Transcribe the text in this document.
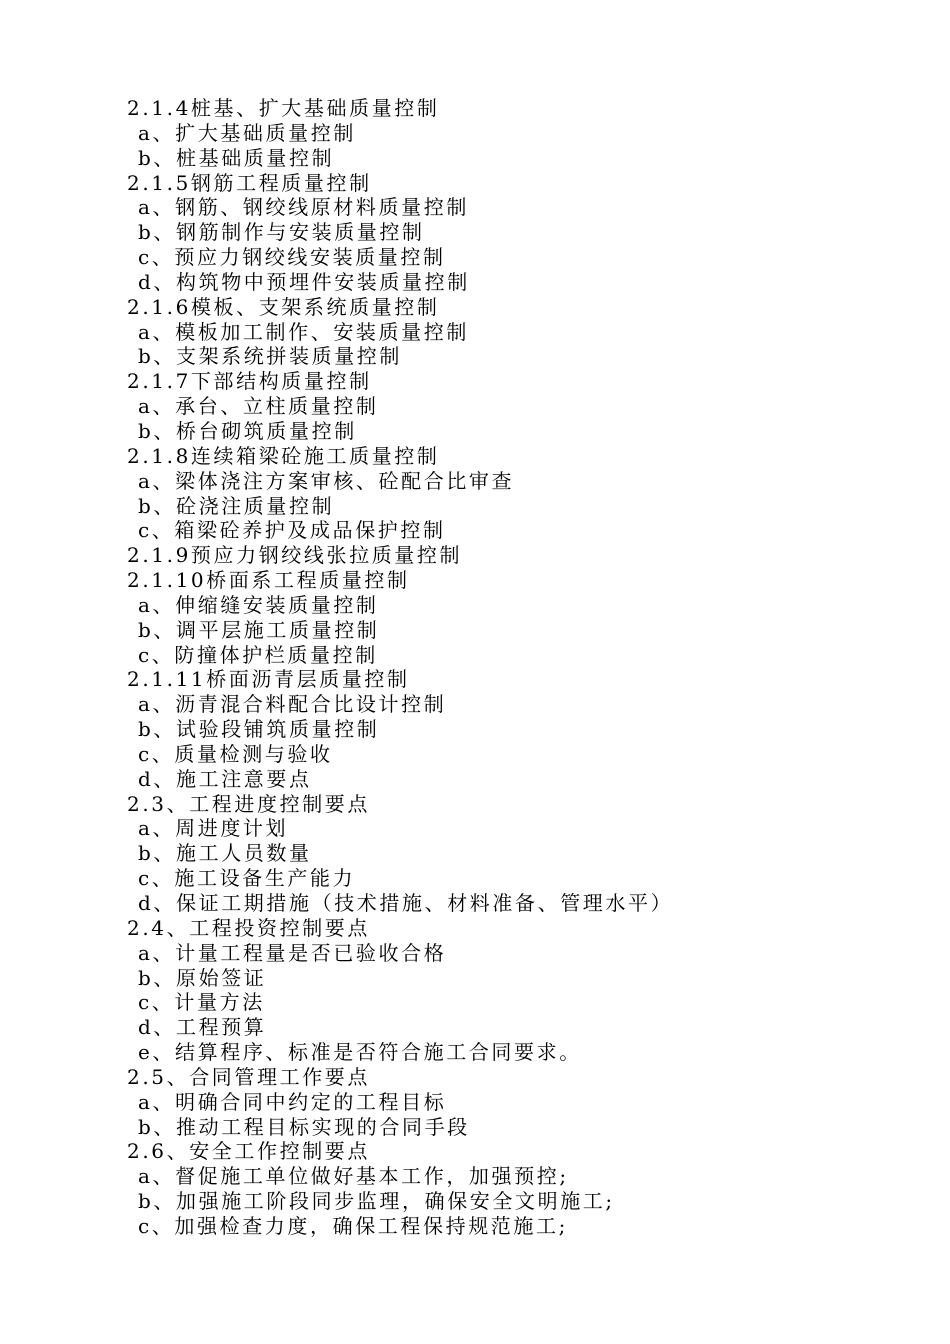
2.1.4桩基、扩大基础质量控制
a、扩大基础质量控制
b、桩基础质量控制
2.1.5钢筋工程质量控制
a、钢筋、钢绞线原材料质量控制
b、钢筋制作与安装质量控制
c、预应力钢绞线安装质量控制
d、构筑物中预埋件安装质量控制
2.1.6模板、支架系统质量控制
a、模板加工制作、安装质量控制
b、支架系统拼装质量控制
2.1.7下部结构质量控制
a、承台、立柱质量控制
b、桥台砌筑质量控制
2.1.8连续箱梁砼施工质量控制
a、梁体浇注方案审核、砼配合比审查
b、砼浇注质量控制
c、箱梁砼养护及成品保护控制
2.1.9预应力钢绞线张拉质量控制
2.1.10桥面系工程质量控制
a、伸缩缝安装质量控制
b、调平层施工质量控制
c、防撞体护栏质量控制
2.1.11桥面沥青层质量控制
a、沥青混合料配合比设计控制
b、试验段铺筑质量控制
c、质量检测与验收
d、施工注意要点
2.3、工程进度控制要点
a、周进度计划
b、施工人员数量
c、施工设备生产能力
d、保证工期措施（技术措施、材料准备、管理水平）
2.4、工程投资控制要点
a、计量工程量是否已验收合格
b、原始签证
c、计量方法
d、工程预算
e、结算程序、标准是否符合施工合同要求。
2.5、合同管理工作要点
a、明确合同中约定的工程目标
b、推动工程目标实现的合同手段
2.6、安全工作控制要点
a、督促施工单位做好基本工作，加强预控;
b、加强施工阶段同步监理，确保安全文明施工;
c、加强检查力度，确保工程保持规范施工;
